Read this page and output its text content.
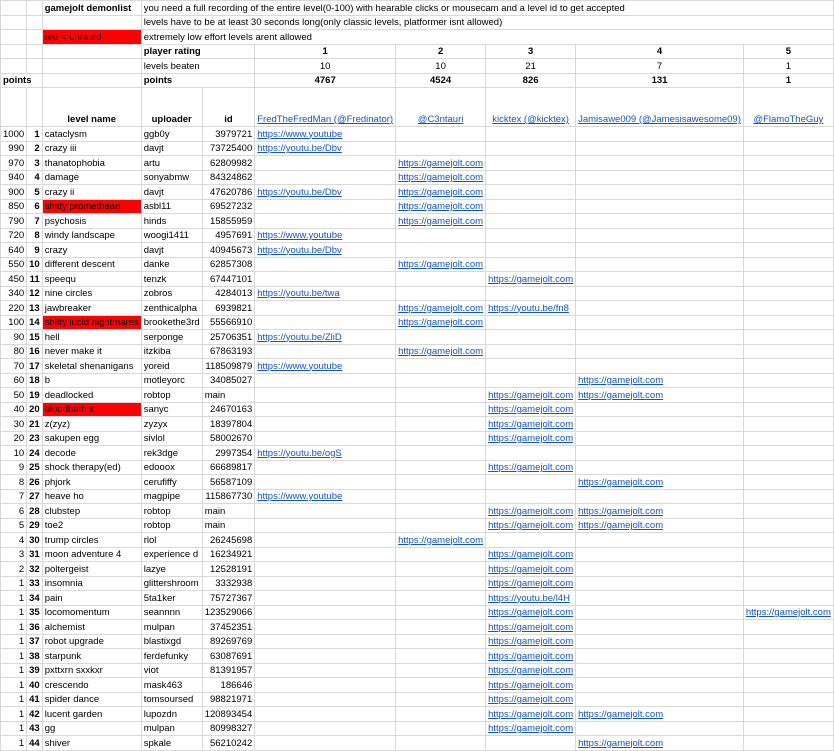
		gamejolt demonlist	you need a full recording of the entire level(0-100) with hearable clicks or mousecam and a level id to get accepted						
			levels have to be at least 30 seconds long(only classic levels, platformer isnt allowed)						
		red = unrated	extremely low effort levels arent allowed						
			player rating		1	2	3	4	5
			levels beaten		10	10	21	7	1
points			points		4767	4524	826	131	1
		level name	uploader	id	FredTheFredMan (@Fredinator)	@C3ntauri	kicktex (@kicktex)	Jamisawe009 (@Jamesisawesome09)	@FlamoTheGuy
1000	1	cataclysm	ggb0y	3979721	https://www.youtube				
990	2	crazy iii	davjt	73725400	https://youtu.be/Dbv				
970	3	thanatophobia	artu	62809982		https://gamejolt.com			
940	4	damage	sonyabmw	84324862		https://gamejolt.com			
900	5	crazy ii	davjt	47620786	https://youtu.be/Dbv	https://gamejolt.com			
850	6	shitty promethean	asbl11	69527232		https://gamejolt.com			
790	7	psychosis	hinds	15855959		https://gamejolt.com			
720	8	windy landscape	woogi1411	4957691	https://www.youtube				
640	9	crazy	davjt	40945673	https://youtu.be/Dbv				
550	10	different descent	danke	62857308		https://gamejolt.com			
450	11	speequ	tenzk	67447101			https://gamejolt.com		
340	12	nine circles	zobros	4284013	https://youtu.be/twa				
220	13	jawbreaker	zenthicalpha	6939821		https://gamejolt.com	https://youtu.be/fn8		
100	14	shitty lucid nightmares	brookethe3rd	55566910		https://gamejolt.com			
90	15	hell	serponge	25706351	https://youtu.be/ZliD				
80	16	never make it	itzkiba	67863193		https://gamejolt.com			
70	17	skeletal shenanigans	yoreid	118509879	https://www.youtube				
60	18	b	motleyorc	34085027				https://gamejolt.com	
50	19	deadlocked	robtop	main			https://gamejolt.com	https://gamejolt.com	
40	20	bloodbath x	sanyc	24670163			https://gamejolt.com		
30	21	z(zyz)	zyzyx	18397804			https://gamejolt.com		
20	23	sakupen egg	sivlol	58002670			https://gamejolt.com		
10	24	decode	rek3dge	2997354	https://youtu.be/ogS				
9	25	shock therapy(ed)	edooox	66689817			https://gamejolt.com		
8	26	phjork	cerufiffy	56587109				https://gamejolt.com	
7	27	heave ho	magpipe	115867730	https://www.youtube				
6	28	clubstep	robtop	main			https://gamejolt.com	https://gamejolt.com	
5	29	toe2	robtop	main			https://gamejolt.com	https://gamejolt.com	
4	30	trump circles	rlol	26245698		https://gamejolt.com			
3	31	moon adventure 4	experience d	16234921			https://gamejolt.com		
2	32	poltergeist	lazye	12528191			https://gamejolt.com		
1	33	insomnia	glittershroom	3332938			https://gamejolt.com		
1	34	pain	5ta1ker	75727367			https://youtu.be/l4H		
1	35	locomomentum	seannnn	123529066			https://gamejolt.com		https://gamejolt.com
1	36	alchemist	mulpan	37452351			https://gamejolt.com		
1	37	robot upgrade	blastixgd	89269769			https://gamejolt.com		
1	38	starpunk	ferdefunky	63087691			https://gamejolt.com		
1	39	pxttxrn sxxkxr	viot	81391957			https://gamejolt.com		
1	40	crescendo	mask463	186646			https://gamejolt.com		
1	41	spider dance	tomsoursed	98821971			https://gamejolt.com		
1	42	lucent garden	lupozdn	120893454			https://gamejolt.com	https://gamejolt.com	
1	43	gg	mulpan	80998327			https://gamejolt.com		
1	44	shiver	spkale	56210242				https://gamejolt.com	
